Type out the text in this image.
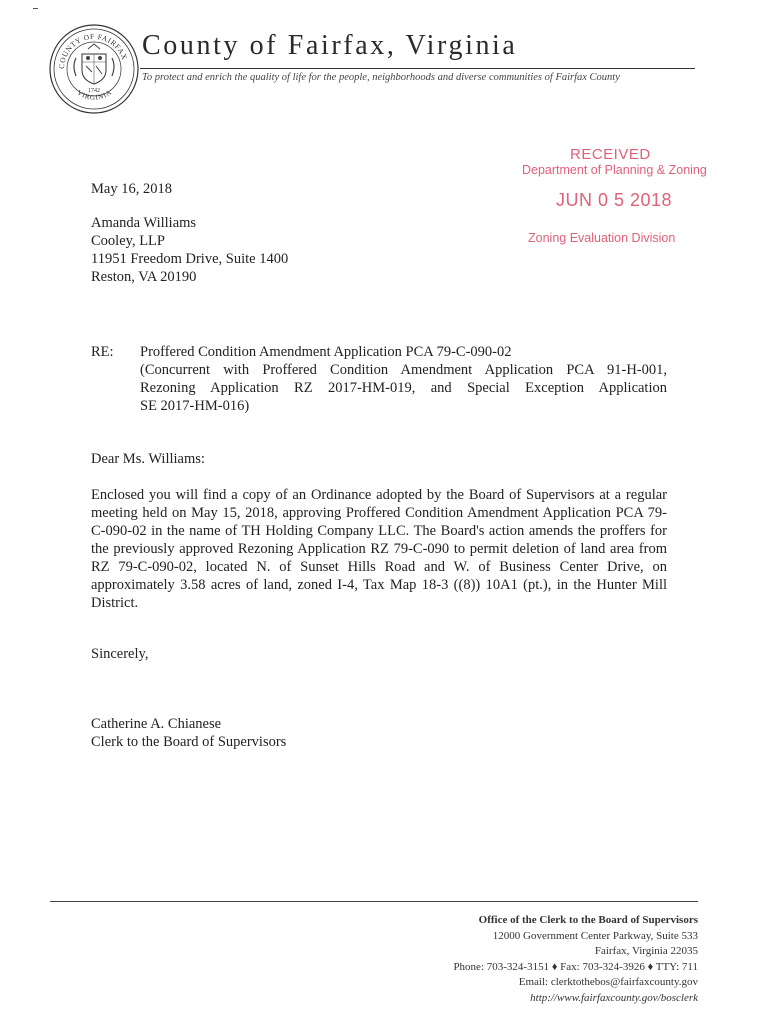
COUNTY OF FAIRFAX
VIRGINIA
1742
County of Fairfax, Virginia
To protect and enrich the quality of life for the people, neighborhoods and diverse communities of Fairfax County
RECEIVED
Department of Planning & Zoning
JUN 0 5 2018
Zoning Evaluation Division
May 16, 2018
Amanda Williams
Cooley, LLP
11951 Freedom Drive, Suite 1400
Reston, VA 20190
RE: Proffered Condition Amendment Application PCA 79-C-090-02
(Concurrent with Proffered Condition Amendment Application PCA 91-H-001,
Rezoning Application RZ 2017-HM-019, and Special Exception Application
SE 2017-HM-016)
Dear Ms. Williams:
Enclosed you will find a copy of an Ordinance adopted by the Board of Supervisors at a regular meeting held on May 15, 2018, approving Proffered Condition Amendment Application PCA 79-C-090-02 in the name of TH Holding Company LLC. The Board's action amends the proffers for the previously approved Rezoning Application RZ 79-C-090 to permit deletion of land area from RZ 79-C-090-02, located N. of Sunset Hills Road and W. of Business Center Drive, on approximately 3.58 acres of land, zoned I-4, Tax Map 18-3 ((8)) 10A1 (pt.), in the Hunter Mill District.
Sincerely,
Catherine A. Chianese
Clerk to the Board of Supervisors
Office of the Clerk to the Board of Supervisors
12000 Government Center Parkway, Suite 533
Fairfax, Virginia 22035
Phone: 703-324-3151 ♦ Fax: 703-324-3926 ♦ TTY: 711
Email: clerktothebos@fairfaxcounty.gov
http://www.fairfaxcounty.gov/bosclerk
